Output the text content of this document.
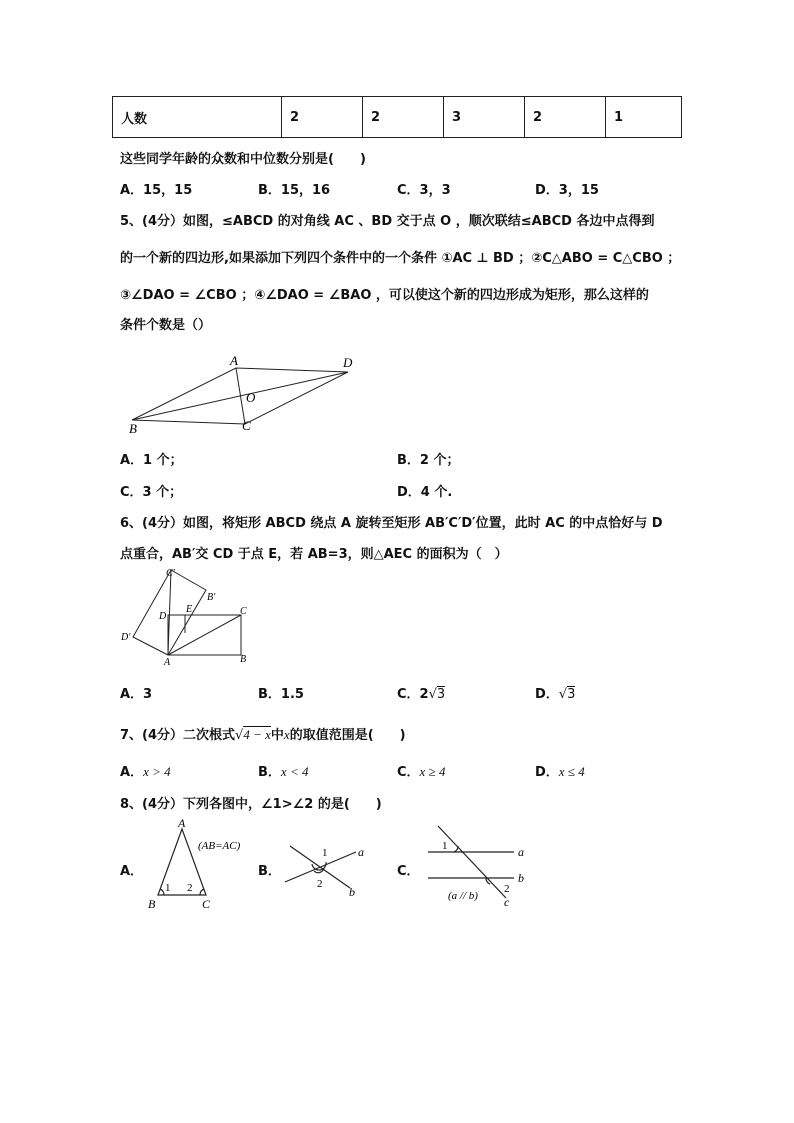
人数	2	2	3	2	1
这些同学年龄的众数和中位数分别是(　　)
A．15，15	B．15，16	C．3，3	D．3，15
5、(4分）如图，≤ABCD 的对角线 AC 、BD 交于点 O ，顺次联结≤ABCD 各边中点得到
的一个新的四边形,如果添加下列四个条件中的一个条件 ①AC ⊥ BD ；②C△ABO = C△CBO ；
③∠DAO = ∠CBO ；④∠DAO = ∠BAO ，可以使这个新的四边形成为矩形，那么这样的
条件个数是（）
A	D
O
B	C
A．1 个；	B．2 个；
C．3 个；	D．4 个.
6、(4分）如图，将矩形 ABCD 绕点 A 旋转至矩形 AB′C′D′位置，此时 AC 的中点恰好与 D
点重合，AB′交 CD 于点 E，若 AB=3，则△AEC 的面积为（　）
C′
B′
D
E	C
D′
A	B
A．3	B．1.5	C．2√3	D．√3
7、(4分）二次根式√4 − x中x的取值范围是(　　)
A．x > 4	B．x < 4	C．x ≥ 4	D．x ≤ 4
8、(4分）下列各图中，∠1>∠2 的是(　　)
A．
A
(AB=AC)
1 2
B	C
B．
1
2
a
b
C．
1
2
a
b
c
(a // b)
